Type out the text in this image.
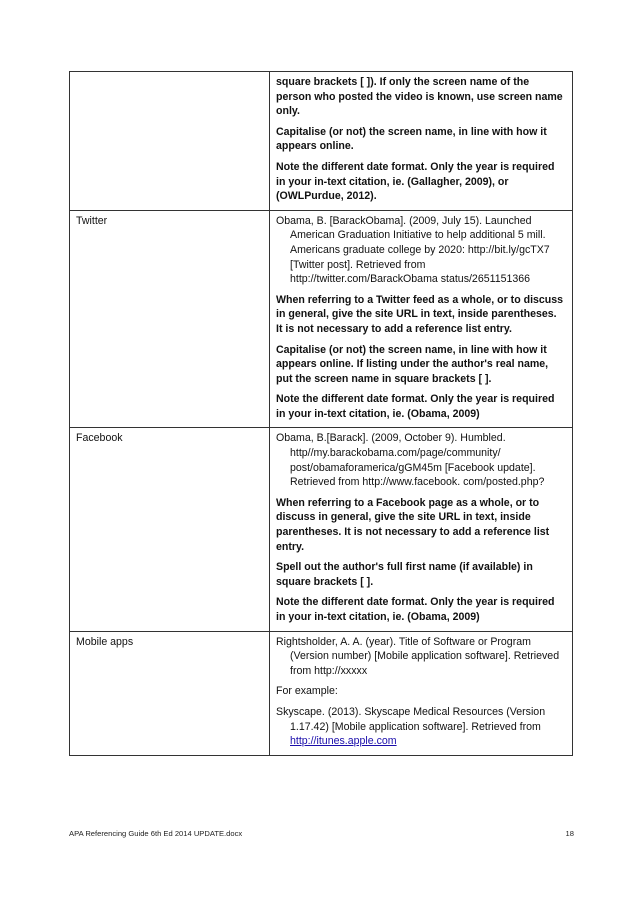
	square brackets [ ]). If only the screen name of the person who posted the video is known, use screen name only.

Capitalise (or not) the screen name, in line with how it appears online.

Note the different date format. Only the year is required in your in-text citation, ie. (Gallagher, 2009), or (OWLPurdue, 2012).

Twitter	Obama, B. [BarackObama]. (2009, July 15). Launched American Graduation Initiative to help additional 5 mill. Americans graduate college by 2020: http://bit.ly/gcTX7 [Twitter post]. Retrieved from http://twitter.com/BarackObama status/2651151366

When referring to a Twitter feed as a whole, or to discuss in general, give the site URL in text, inside parentheses. It is not necessary to add a reference list entry.

Capitalise (or not) the screen name, in line with how it appears online. If listing under the author's real name, put the screen name in square brackets [ ].

Note the different date format. Only the year is required in your in-text citation, ie. (Obama, 2009)

Facebook	Obama, B.[Barack]. (2009, October 9). Humbled. http//my.barackobama.com/page/community/ post/obamaforamerica/gGM45m [Facebook update]. Retrieved from http://www.facebook. com/posted.php?

When referring to a Facebook page as a whole, or to discuss in general, give the site URL in text, inside parentheses. It is not necessary to add a reference list entry.

Spell out the author's full first name (if available) in square brackets [ ].

Note the different date format. Only the year is required in your in-text citation, ie. (Obama, 2009)

Mobile apps	Rightsholder, A. A. (year). Title of Software or Program (Version number) [Mobile application software]. Retrieved from http://xxxxx

For example:

Skyscape. (2013). Skyscape Medical Resources (Version 1.17.42) [Mobile application software]. Retrieved from http://itunes.apple.com

APA Referencing Guide 6th Ed 2014 UPDATE.docx	18
